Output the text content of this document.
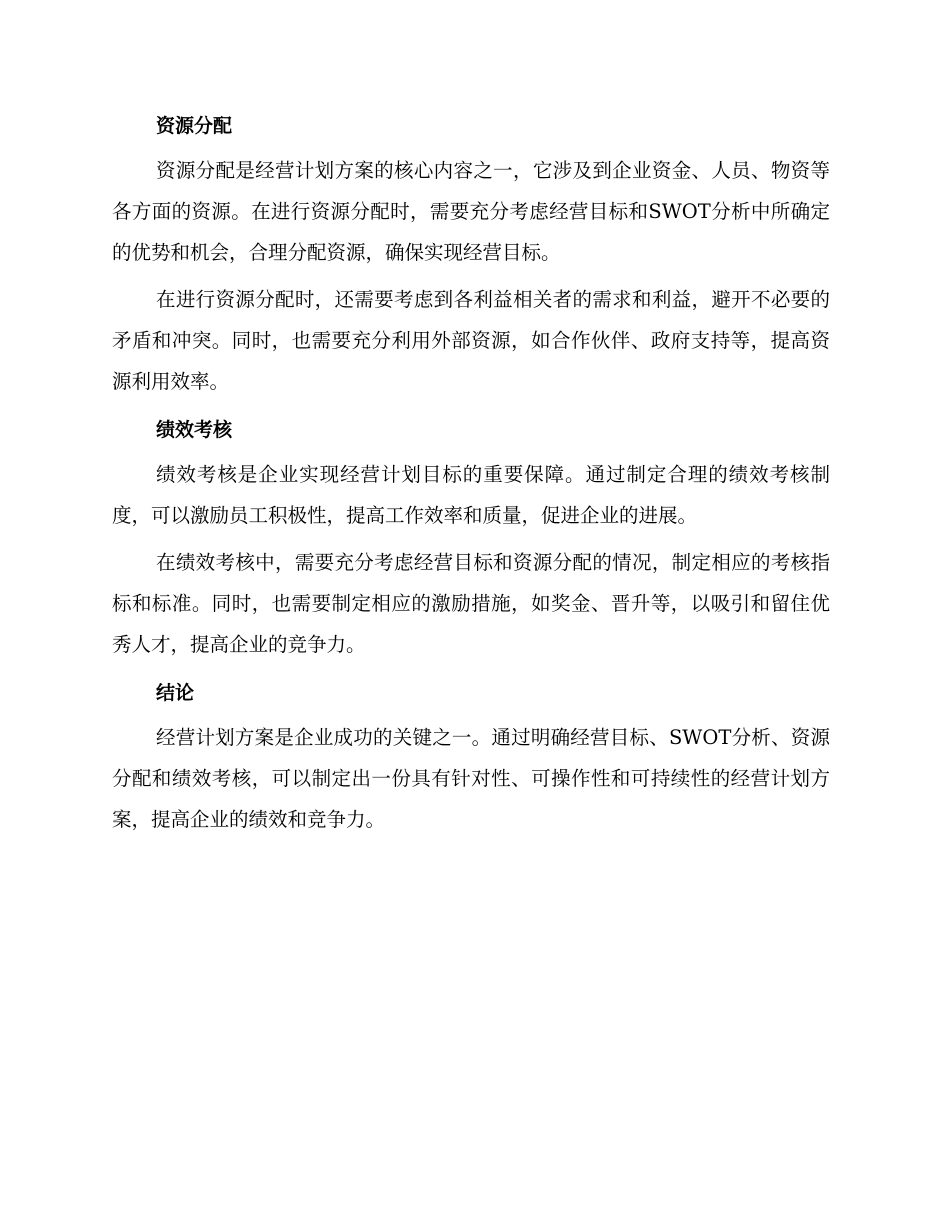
资源分配

资源分配是经营计划方案的核心内容之一，它涉及到企业资金、人员、物资等各方面的资源。在进行资源分配时，需要充分考虑经营目标和SWOT分析中所确定的优势和机会，合理分配资源，确保实现经营目标。

在进行资源分配时，还需要考虑到各利益相关者的需求和利益，避开不必要的矛盾和冲突。同时，也需要充分利用外部资源，如合作伙伴、政府支持等，提高资源利用效率。

绩效考核

绩效考核是企业实现经营计划目标的重要保障。通过制定合理的绩效考核制度，可以激励员工积极性，提高工作效率和质量，促进企业的进展。

在绩效考核中，需要充分考虑经营目标和资源分配的情况，制定相应的考核指标和标准。同时，也需要制定相应的激励措施，如奖金、晋升等，以吸引和留住优秀人才，提高企业的竞争力。

结论

经营计划方案是企业成功的关键之一。通过明确经营目标、SWOT分析、资源分配和绩效考核，可以制定出一份具有针对性、可操作性和可持续性的经营计划方案，提高企业的绩效和竞争力。
